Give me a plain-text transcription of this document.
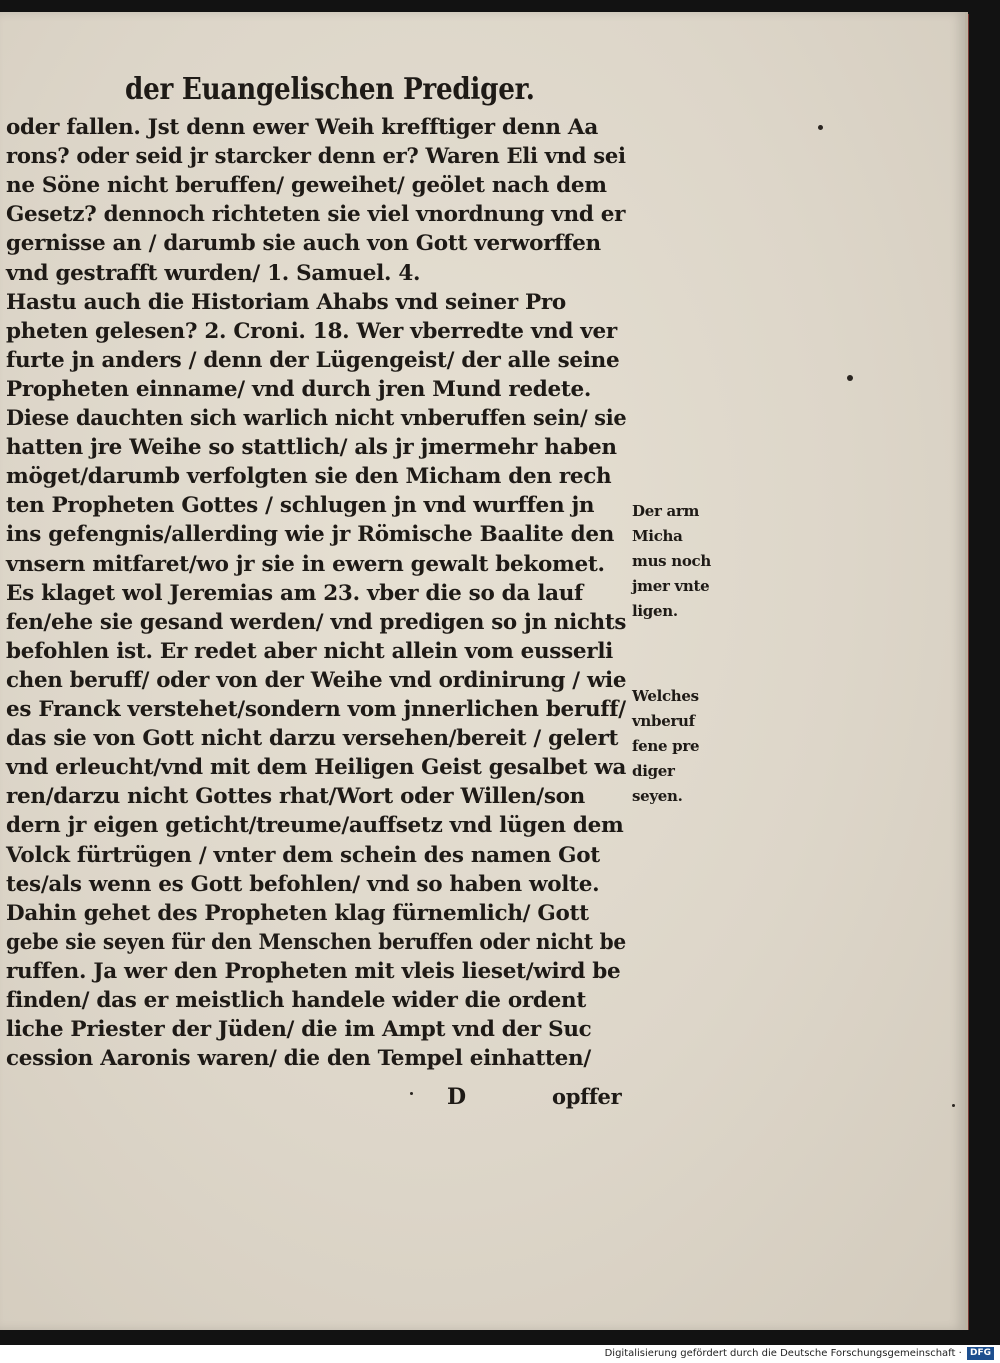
der Euangelischen Prediger.
oder fallen. Jst denn ewer Weih krefftiger denn Aa
rons? oder seid jr starcker denn er? Waren Eli vnd sei
ne Söne nicht beruffen/ geweihet/ geölet nach dem
Gesetz? dennoch richteten sie viel vnordnung vnd er
gernisse an / darumb sie auch von Gott verworffen
vnd gestrafft wurden/ 1. Samuel. 4.
Hastu auch die Historiam Ahabs vnd seiner Pro
pheten gelesen? 2. Croni. 18. Wer vberredte vnd ver
furte jn anders / denn der Lügengeist/ der alle seine
Propheten einname/ vnd durch jren Mund redete.
Diese dauchten sich warlich nicht vnberuffen sein/ sie
hatten jre Weihe so stattlich/ als jr jmermehr haben
möget/darumb verfolgten sie den Micham den rech
ten Propheten Gottes / schlugen jn vnd wurffen jn
ins gefengnis/allerding wie jr Römische Baalite den
vnsern mitfaret/wo jr sie in ewern gewalt bekomet.
Es klaget wol Jeremias am 23. vber die so da lauf
fen/ehe sie gesand werden/ vnd predigen so jn nichts
befohlen ist. Er redet aber nicht allein vom eusserli
chen beruff/ oder von der Weihe vnd ordinirung / wie
es Franck verstehet/sondern vom jnnerlichen beruff/
das sie von Gott nicht darzu versehen/bereit / gelert
vnd erleucht/vnd mit dem Heiligen Geist gesalbet wa
ren/darzu nicht Gottes rhat/Wort oder Willen/son
dern jr eigen geticht/treume/auffsetz vnd lügen dem
Volck fürtrügen / vnter dem schein des namen Got
tes/als wenn es Gott befohlen/ vnd so haben wolte.
Dahin gehet des Propheten klag fürnemlich/ Gott
gebe sie seyen für den Menschen beruffen oder nicht be
ruffen. Ja wer den Propheten mit vleis lieset/wird be
finden/ das er meistlich handele wider die ordent
liche Priester der Jüden/ die im Ampt vnd der Suc
cession Aaronis waren/ die den Tempel einhatten/
Der arm
Micha
mus noch
jmer vnte
ligen.
Welches
vnberuf
fene pre
diger
seyen.
D	opffer
Digitalisierung gefördert durch die Deutsche Forschungsgemeinschaft · DFG
